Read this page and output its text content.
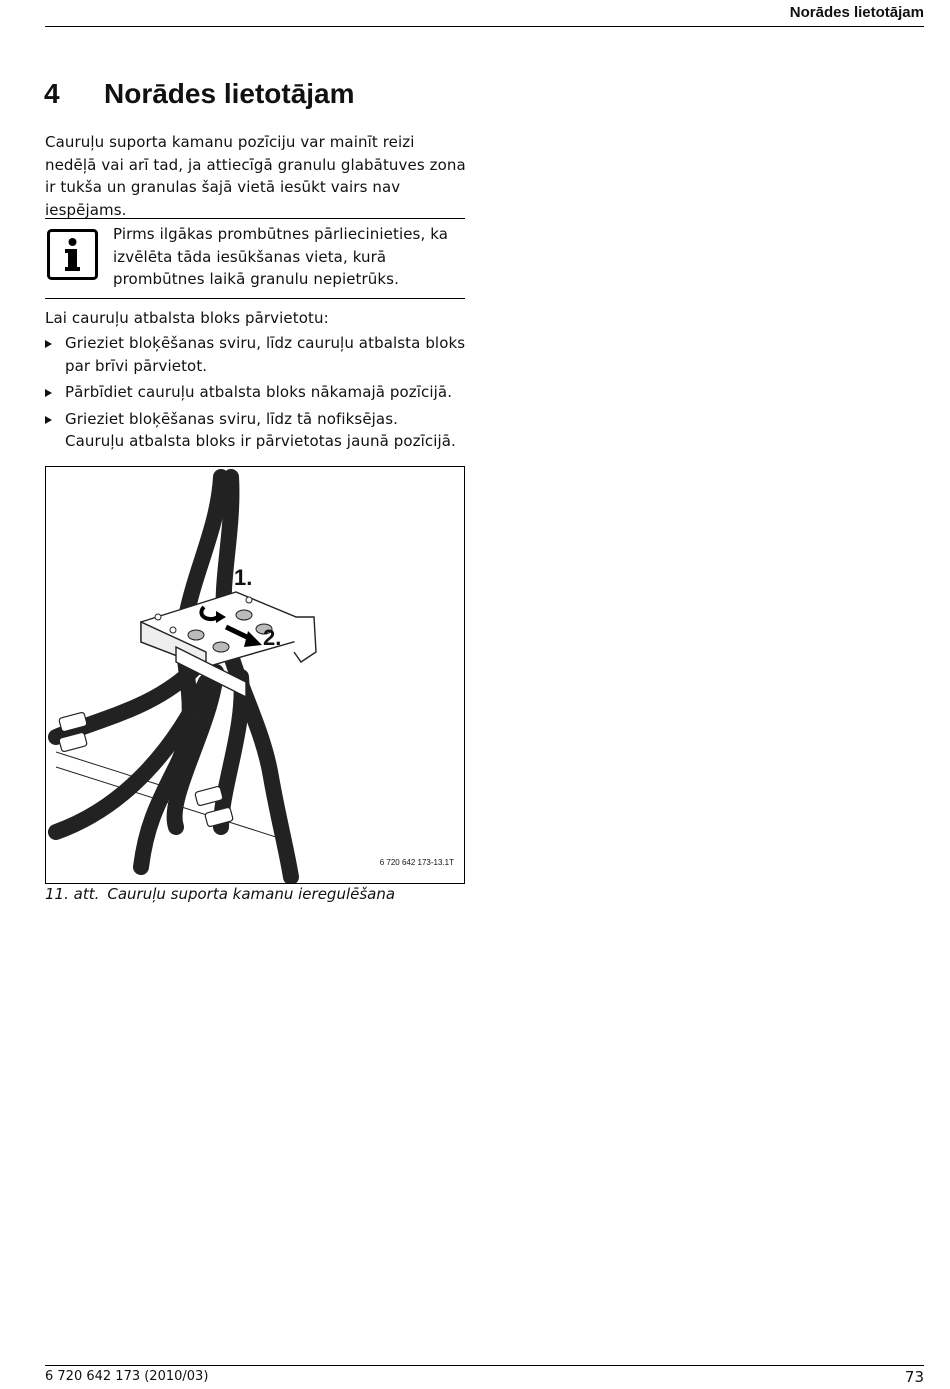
Norādes lietotājam
4 Norādes lietotājam

Cauruļu suporta kamanu pozīciju var mainīt reizi nedēļā vai arī tad, ja attiecīgā granulu glabātuves zona ir tukša un granulas šajā vietā iesūkt vairs nav iespējams.

Pirms ilgākas prombūtnes pārliecinieties, ka izvēlēta tāda iesūkšanas vieta, kurā prombūtnes laikā granulu nepietrūks.

Lai cauruļu atbalsta bloks pārvietotu:

Grieziet bloķēšanas sviru, līdz cauruļu atbalsta bloks par brīvi pārvietot.
Pārbīdiet cauruļu atbalsta bloks nākamajā pozīcijā.
Grieziet bloķēšanas sviru, līdz tā nofiksējas.
Cauruļu atbalsta bloks ir pārvietotas jaunā pozīcijā.
1.
2.
6 720 642 173-13.1T
11. att. Cauruļu suporta kamanu ieregulēšana
6 720 642 173 (2010/03)	73
